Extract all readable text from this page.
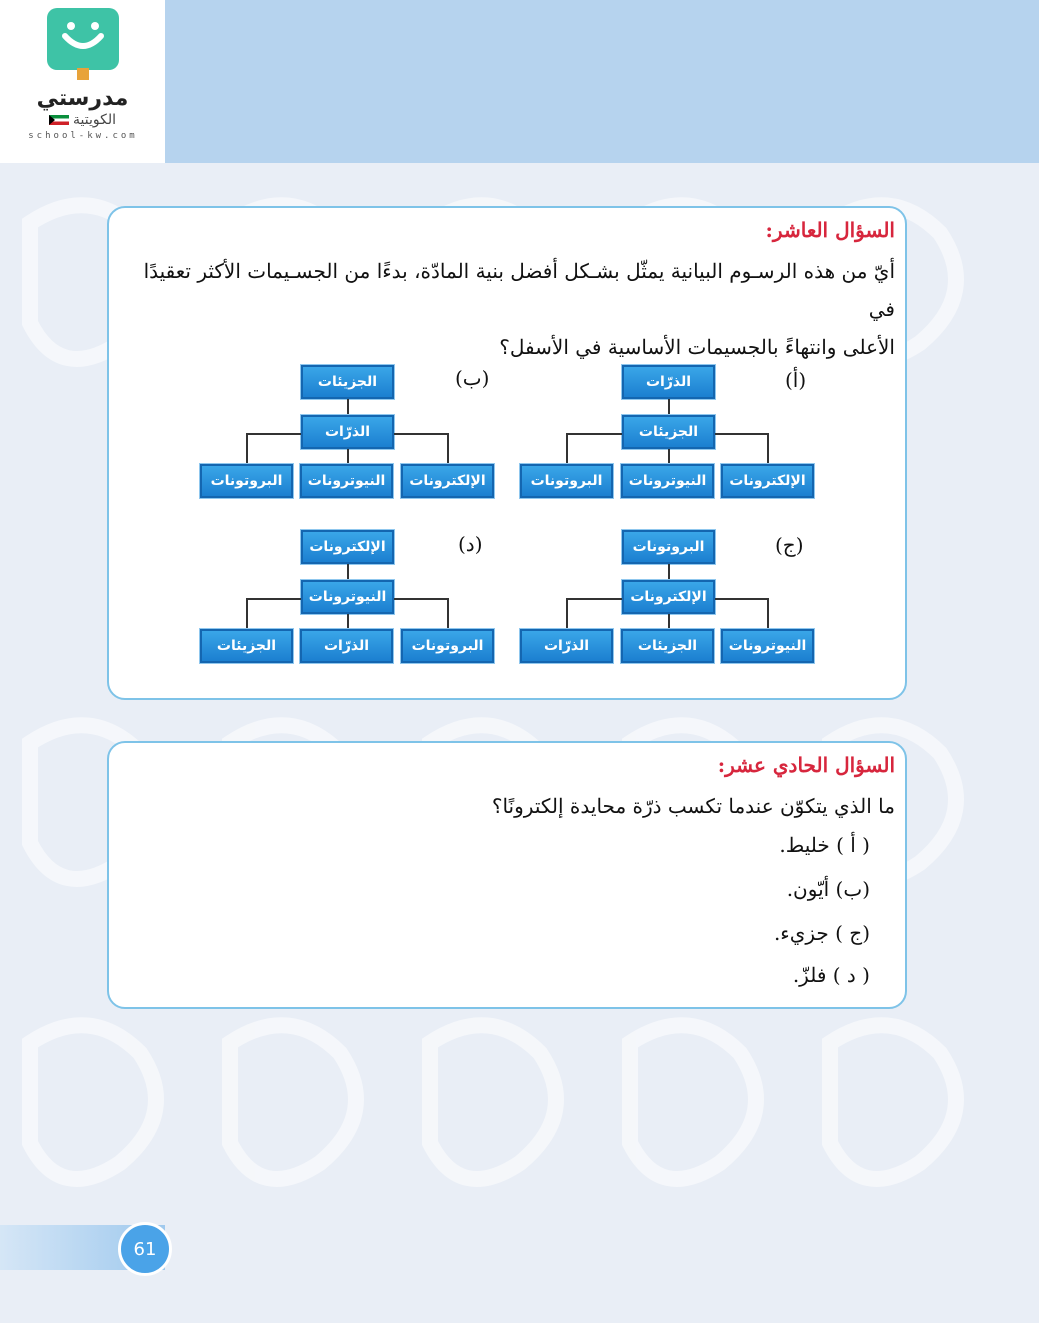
مدرستي
الكويتية
school-kw.com
السؤال العاشر:
أيّ من هذه الرسـوم البيانية يمثّل بشـكل أفضل بنية المادّة، بدءًا من الجسـيمات الأكثر تعقيدًا في
الأعلى وانتهاءً بالجسيمات الأساسية في الأسفل؟
(أ)
الذرّات
الجزيئات
الإلكترونات
النيوترونات
البروتونات
(ب)
الجزيئات
الذرّات
الإلكترونات
النيوترونات
البروتونات
(ج)
البروتونات
الإلكترونات
النيوترونات
الجزيئات
الذرّات
(د)
الإلكترونات
النيوترونات
البروتونات
الذرّات
الجزيئات
السؤال الحادي عشر:
ما الذي يتكوّن عندما تكسب ذرّة محايدة إلكترونًا؟
( أ ) خليط.
(ب) أيّون.
(ج ) جزيء.
( د ) فلزّ.
61
